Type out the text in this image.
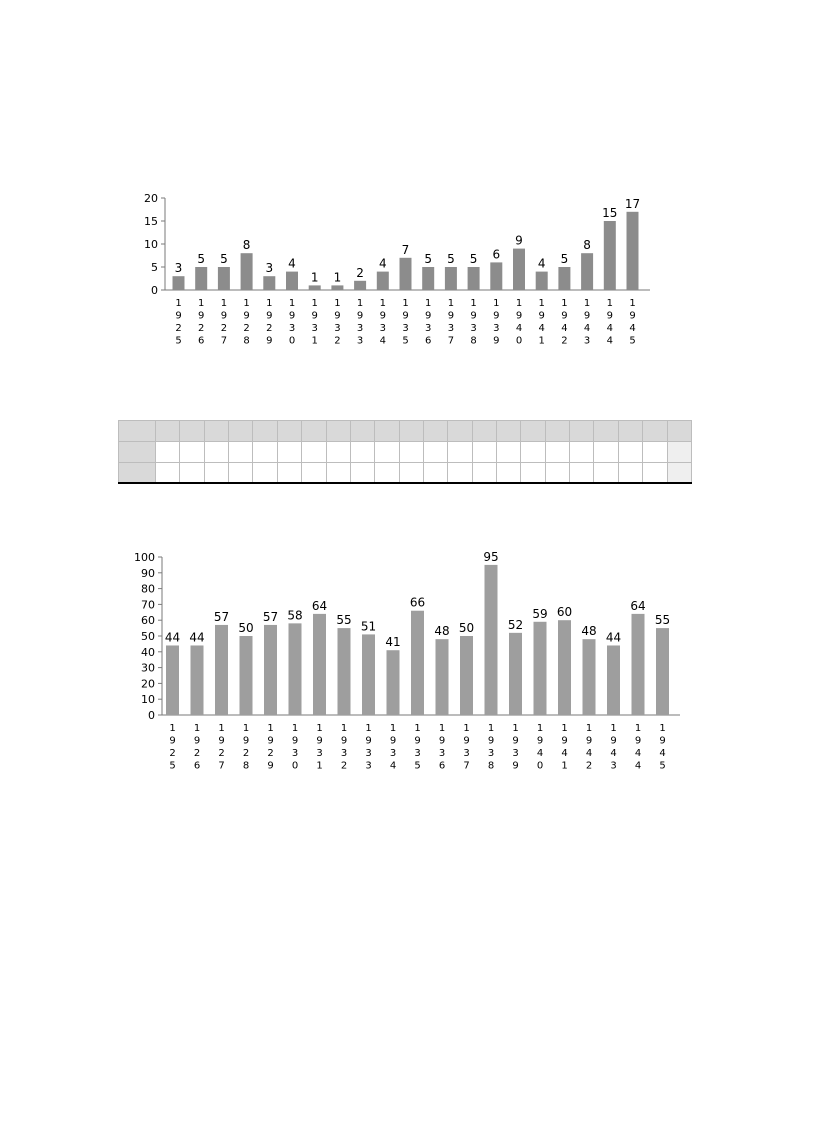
0
5
10
15
20
3
1 9 2 5
5
1 9 2 6
5
1 9 2 7
8
1 9 2 8
3
1 9 2 9
4
1 9 3 0
1
1 9 3 1
1
1 9 3 2
2
1 9 3 3
4
1 9 3 4
7
1 9 3 5
5
1 9 3 6
5
1 9 3 7
5
1 9 3 8
6
1 9 3 9
9
1 9 4 0
4
1 9 4 1
5
1 9 4 2
8
1 9 4 3
15
1 9 4 4
17
1 9 4 5

0
10
20
30
40
50
60
70
80
90
100
44
1 9 2 5
44
1 9 2 6
57
1 9 2 7
50
1 9 2 8
57
1 9 2 9
58
1 9 3 0
64
1 9 3 1
55
1 9 3 2
51
1 9 3 3
41
1 9 3 4
66
1 9 3 5
48
1 9 3 6
50
1 9 3 7
95
1 9 3 8
52
1 9 3 9
59
1 9 4 0
60
1 9 4 1
48
1 9 4 2
44
1 9 4 3
64
1 9 4 4
55
1 9 4 5
